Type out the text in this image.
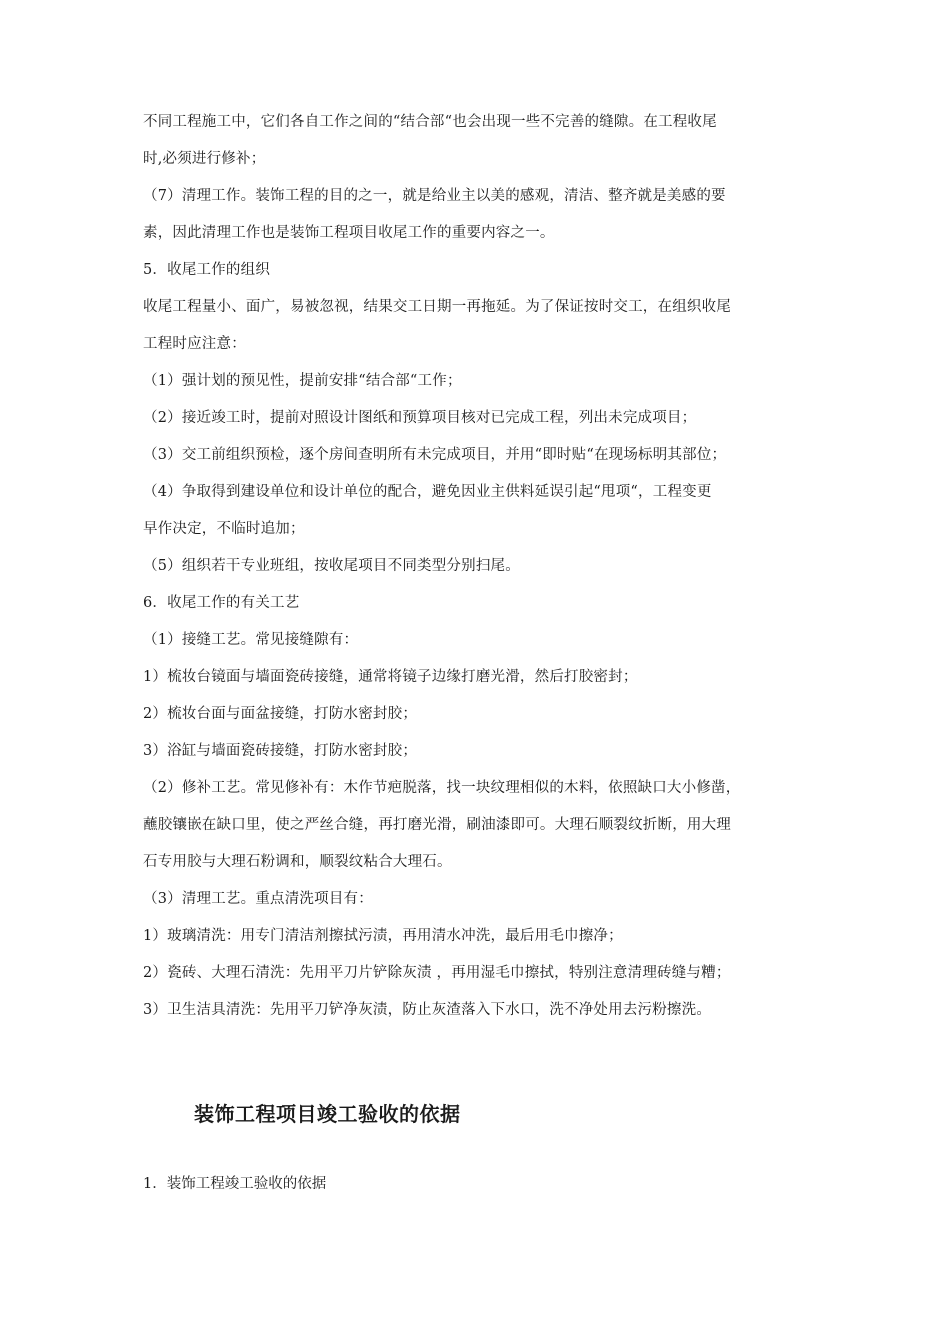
不同工程施工中，它们各自工作之间的“结合部“也会出现一些不完善的缝隙。在工程收尾
时,必须进行修补；
（7）清理工作。装饰工程的目的之一，就是给业主以美的感观，清洁、整齐就是美感的要
素，因此清理工作也是装饰工程项目收尾工作的重要内容之一。
5．收尾工作的组织
收尾工程量小、面广，易被忽视，结果交工日期一再拖延。为了保证按时交工，在组织收尾
工程时应注意：
（1）强计划的预见性，提前安排“结合部“工作；
（2）接近竣工时，提前对照设计图纸和预算项目核对已完成工程，列出未完成项目；
（3）交工前组织预检，逐个房间查明所有未完成项目，并用“即时贴“在现场标明其部位；
（4）争取得到建设单位和设计单位的配合，避免因业主供料延误引起“甩项“，工程变更
早作决定，不临时追加；
（5）组织若干专业班组，按收尾项目不同类型分别扫尾。
6．收尾工作的有关工艺
（1）接缝工艺。常见接缝隙有：
1）梳妆台镜面与墙面瓷砖接缝，通常将镜子边缘打磨光滑，然后打胶密封；
2）梳妆台面与面盆接缝，打防水密封胶；
3）浴缸与墙面瓷砖接缝，打防水密封胶；
（2）修补工艺。常见修补有：木作节疤脱落，找一块纹理相似的木料，依照缺口大小修凿，
蘸胶镶嵌在缺口里，使之严丝合缝，再打磨光滑，刷油漆即可。大理石顺裂纹折断，用大理
石专用胶与大理石粉调和，顺裂纹粘合大理石。
（3）清理工艺。重点清洗项目有：
1）玻璃清洗：用专门清洁剂擦拭污渍，再用清水冲洗，最后用毛巾擦净；
2）瓷砖、大理石清洗：先用平刀片铲除灰渍 ，再用湿毛巾擦拭，特别注意清理砖缝与糟；
3）卫生洁具清洗：先用平刀铲净灰渍，防止灰渣落入下水口，洗不净处用去污粉擦洗。
装饰工程项目竣工验收的依据
1．装饰工程竣工验收的依据
